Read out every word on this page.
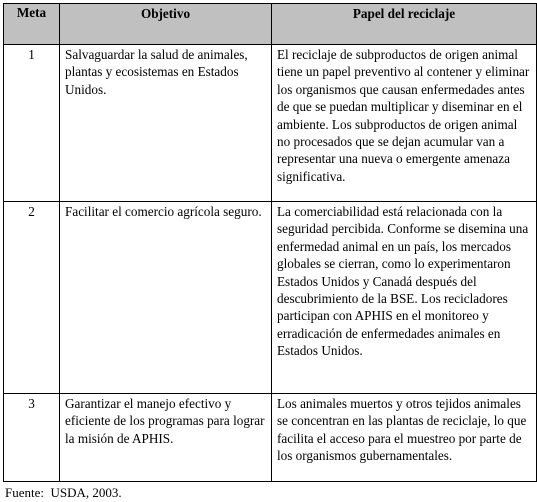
Meta	Objetivo	Papel del reciclaje
1	Salvaguardar la salud de animales, plantas y ecosistemas en Estados Unidos.	El reciclaje de subproductos de origen animal tiene un papel preventivo al contener y eliminar los organismos que causan enfermedades antes de que se puedan multiplicar y diseminar en el ambiente. Los subproductos de origen animal no procesados que se dejan acumular van a representar una nueva o emergente amenaza significativa.
2	Facilitar el comercio agrícola seguro.	La comerciabilidad está relacionada con la seguridad percibida. Conforme se disemina una enfermedad animal en un país, los mercados globales se cierran, como lo experimentaron Estados Unidos y Canadá después del descubrimiento de la BSE. Los recicladores participan con APHIS en el monitoreo y erradicación de enfermedades animales en Estados Unidos.
3	Garantizar el manejo efectivo y eficiente de los programas para lograr la misión de APHIS.	Los animales muertos y otros tejidos animales se concentran en las plantas de reciclaje, lo que facilita el acceso para el muestreo por parte de los organismos gubernamentales.
Fuente:  USDA, 2003.
